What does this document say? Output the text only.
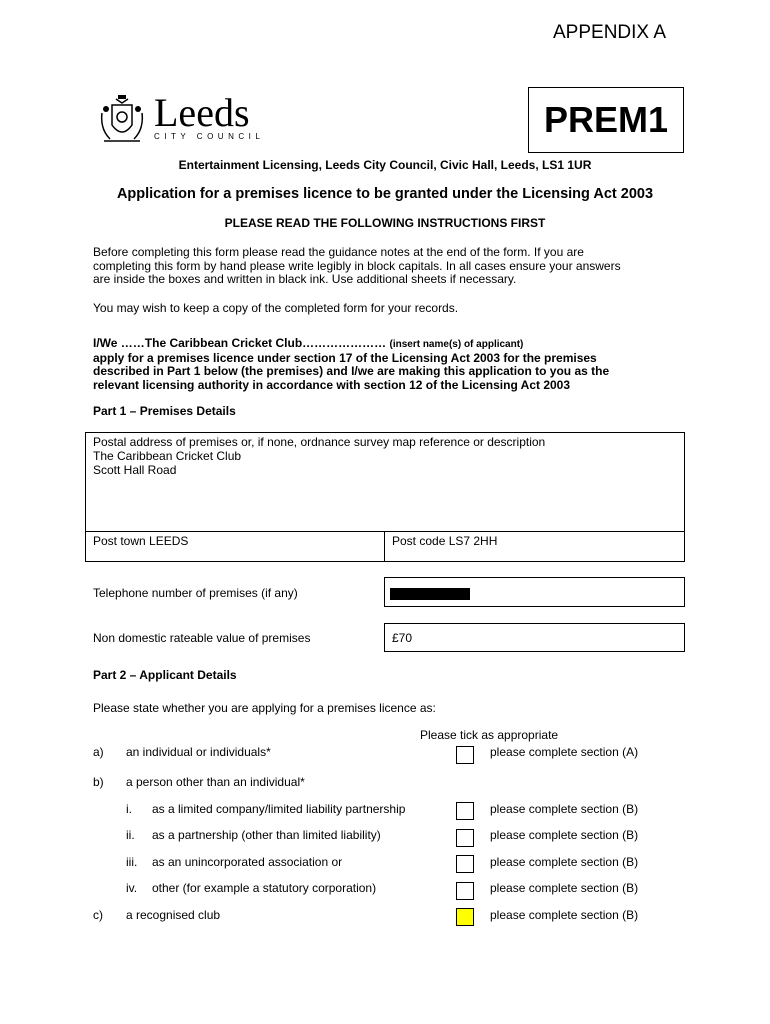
APPENDIX A
Leeds
CITY COUNCIL	PREM1
Entertainment Licensing, Leeds City Council, Civic Hall, Leeds, LS1 1UR
Application for a premises licence to be granted under the Licensing Act 2003
PLEASE READ THE FOLLOWING INSTRUCTIONS FIRST
Before completing this form please read the guidance notes at the end of the form. If you are
completing this form by hand please write legibly in block capitals. In all cases ensure your answers
are inside the boxes and written in black ink. Use additional sheets if necessary.
You may wish to keep a copy of the completed form for your records.
I/We ……The Caribbean Cricket Club………………… (insert name(s) of applicant)
apply for a premises licence under section 17 of the Licensing Act 2003 for the premises
described in Part 1 below (the premises) and I/we are making this application to you as the
relevant licensing authority in accordance with section 12 of the Licensing Act 2003
Part 1 – Premises Details
Postal address of premises or, if none, ordnance survey map reference or description
The Caribbean Cricket Club
Scott Hall Road
Post town LEEDS	Post code LS7 2HH
Telephone number of premises (if any)
Non domestic rateable value of premises	£70
Part 2 – Applicant Details
Please state whether you are applying for a premises licence as:
Please tick as appropriate
a) an individual or individuals*	please complete section (A)
b) a person other than an individual*
i. as a limited company/limited liability partnership	please complete section (B)
ii. as a partnership (other than limited liability)	please complete section (B)
iii. as an unincorporated association or	please complete section (B)
iv. other (for example a statutory corporation)	please complete section (B)
c) a recognised club	please complete section (B)
